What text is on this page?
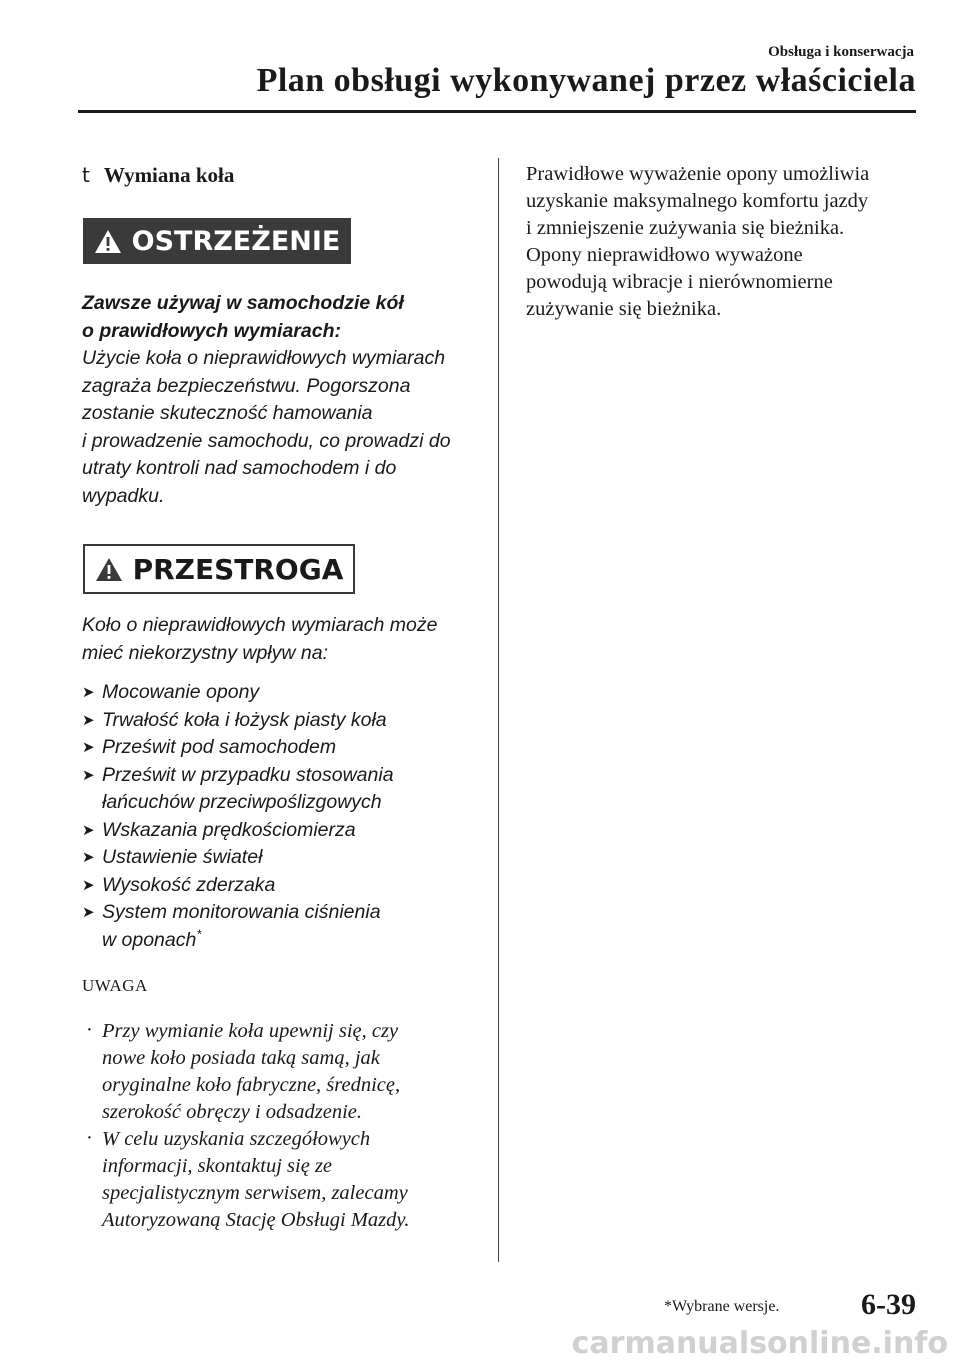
Obsługa i konserwacja
Plan obsługi wykonywanej przez właściciela
t Wymiana koła
OSTRZEŻENIE
Zawsze używaj w samochodzie kół
o prawidłowych wymiarach:
Użycie koła o nieprawidłowych wymiarach
zagraża bezpieczeństwu. Pogorszona
zostanie skuteczność hamowania
i prowadzenie samochodu, co prowadzi do
utraty kontroli nad samochodem i do
wypadku.
PRZESTROGA
Koło o nieprawidłowych wymiarach może
mieć niekorzystny wpływ na:
➤ Mocowanie opony
➤ Trwałość koła i łożysk piasty koła
➤ Prześwit pod samochodem
➤ Prześwit w przypadku stosowania
łańcuchów przeciwpoślizgowych
➤ Wskazania prędkościomierza
➤ Ustawienie świateł
➤ Wysokość zderzaka
➤ System monitorowania ciśnienia
w oponach*
UWAGA
· Przy wymianie koła upewnij się, czy
nowe koło posiada taką samą, jak
oryginalne koło fabryczne, średnicę,
szerokość obręczy i odsadzenie.
· W celu uzyskania szczegółowych
informacji, skontaktuj się ze
specjalistycznym serwisem, zalecamy
Autoryzowaną Stację Obsługi Mazdy.
Prawidłowe wyważenie opony umożliwia
uzyskanie maksymalnego komfortu jazdy
i zmniejszenie zużywania się bieżnika.
Opony nieprawidłowo wyważone
powodują wibracje i nierównomierne
zużywanie się bieżnika.
*Wybrane wersje.	6-39
carmanualsonline.info
